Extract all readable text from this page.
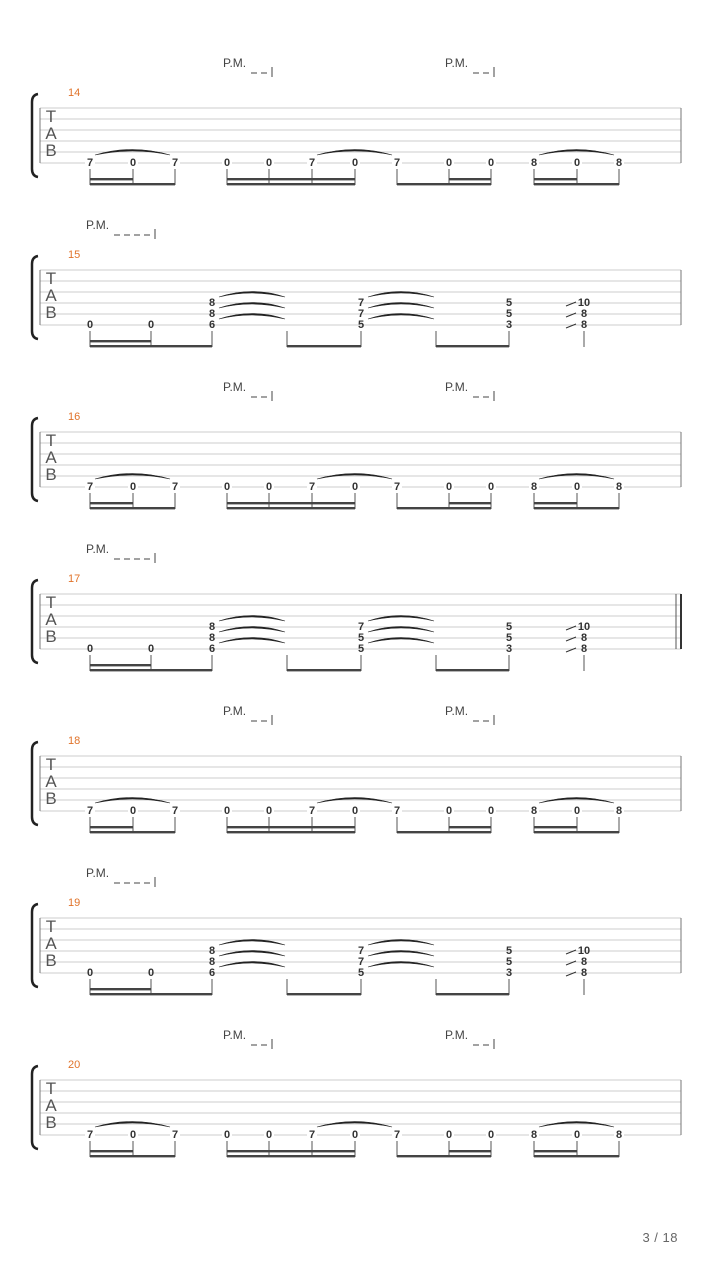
14
T
A
B
P.M.	P.M.
7	0	7	0	0	7	0	7	0	0	8	0	8
15
T
A
B
P.M.
0	0
8
8
6
7
7
5
5
5
3
10
8
8
16
T
A
B
P.M.	P.M.
7	0	7	0	0	7	0	7	0	0	8	0	8
17
T
A
B
P.M.
0	0
8
8
6
7
5
5
5
5
3
10
8
8
18
T
A
B
P.M.	P.M.
7	0	7	0	0	7	0	7	0	0	8	0	8
19
T
A
B
P.M.
0	0
8
8
6
7
7
5
5
5
3
10
8
8
20
T
A
B
P.M.	P.M.
7	0	7	0	0	7	0	7	0	0	8	0	8
3 / 18
